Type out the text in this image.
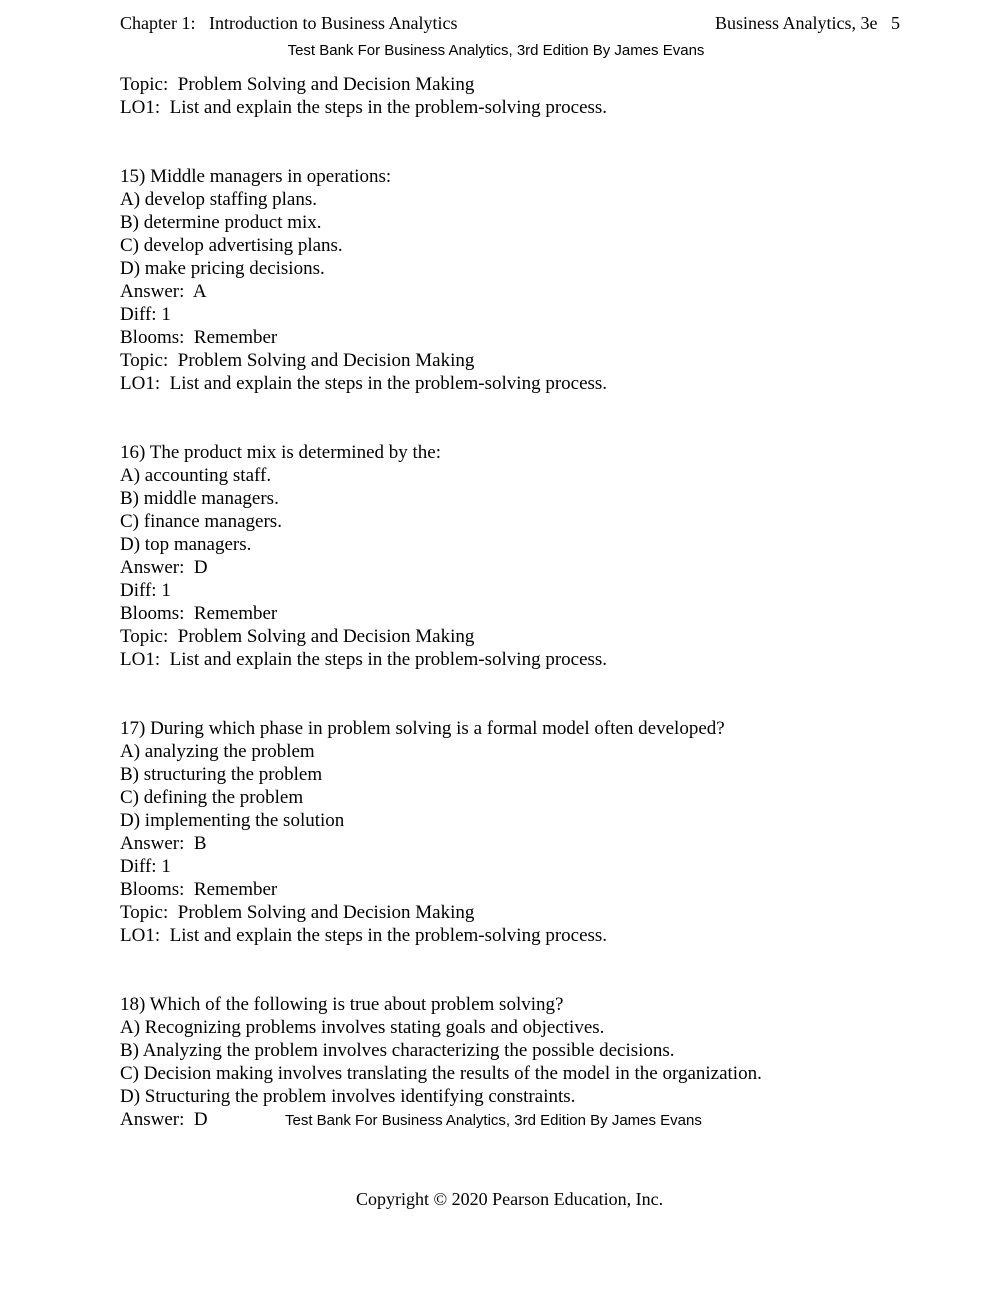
Chapter 1:   Introduction to Business Analytics	Business Analytics, 3e   5
Test Bank For Business Analytics, 3rd Edition By James Evans
Topic:  Problem Solving and Decision Making
LO1:  List and explain the steps in the problem-solving process.
15) Middle managers in operations:
A) develop staffing plans.
B) determine product mix.
C) develop advertising plans.
D) make pricing decisions.
Answer:  A
Diff: 1
Blooms:  Remember
Topic:  Problem Solving and Decision Making
LO1:  List and explain the steps in the problem-solving process.
16) The product mix is determined by the:
A) accounting staff.
B) middle managers.
C) finance managers.
D) top managers.
Answer:  D
Diff: 1
Blooms:  Remember
Topic:  Problem Solving and Decision Making
LO1:  List and explain the steps in the problem-solving process.
17) During which phase in problem solving is a formal model often developed?
A) analyzing the problem
B) structuring the problem
C) defining the problem
D) implementing the solution
Answer:  B
Diff: 1
Blooms:  Remember
Topic:  Problem Solving and Decision Making
LO1:  List and explain the steps in the problem-solving process.
18) Which of the following is true about problem solving?
A) Recognizing problems involves stating goals and objectives.
B) Analyzing the problem involves characterizing the possible decisions.
C) Decision making involves translating the results of the model in the organization.
D) Structuring the problem involves identifying constraints.
Answer:  D	Test Bank For Business Analytics, 3rd Edition By James Evans
Copyright © 2020 Pearson Education, Inc.
